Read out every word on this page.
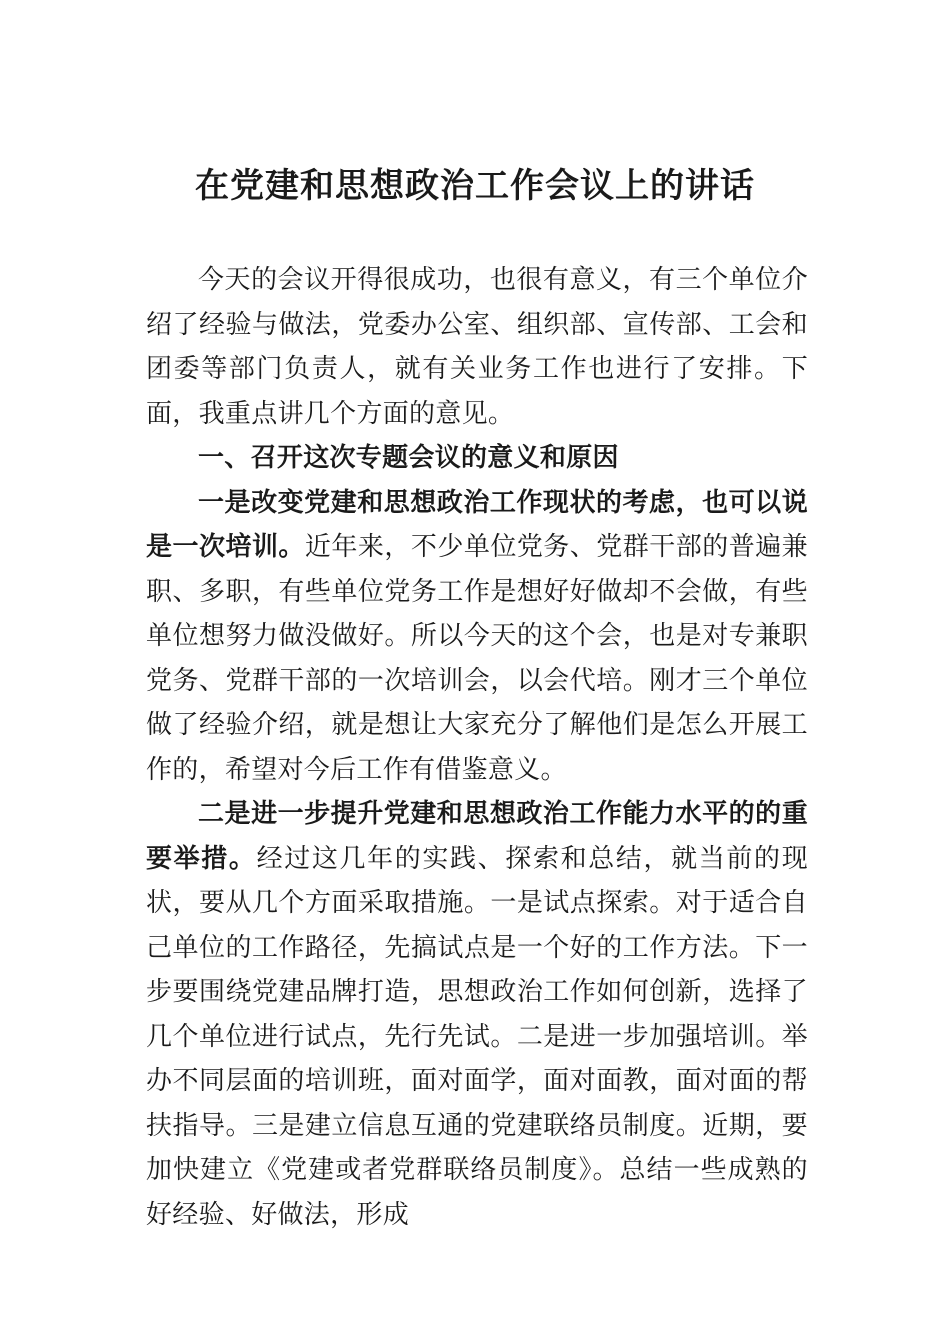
在党建和思想政治工作会议上的讲话

今天的会议开得很成功，也很有意义，有三个单位介绍了经验与做法，党委办公室、组织部、宣传部、工会和团委等部门负责人，就有关业务工作也进行了安排。下面，我重点讲几个方面的意见。

一、召开这次专题会议的意义和原因

一是改变党建和思想政治工作现状的考虑，也可以说是一次培训。近年来，不少单位党务、党群干部的普遍兼职、多职，有些单位党务工作是想好好做却不会做，有些单位想努力做没做好。所以今天的这个会，也是对专兼职党务、党群干部的一次培训会，以会代培。刚才三个单位做了经验介绍，就是想让大家充分了解他们是怎么开展工作的，希望对今后工作有借鉴意义。

二是进一步提升党建和思想政治工作能力水平的的重要举措。经过这几年的实践、探索和总结，就当前的现状，要从几个方面采取措施。一是试点探索。对于适合自己单位的工作路径，先搞试点是一个好的工作方法。下一步要围绕党建品牌打造，思想政治工作如何创新，选择了几个单位进行试点，先行先试。二是进一步加强培训。举办不同层面的培训班，面对面学，面对面教，面对面的帮扶指导。三是建立信息互通的党建联络员制度。近期，要加快建立《党建或者党群联络员制度》。总结一些成熟的好经验、好做法，形成
